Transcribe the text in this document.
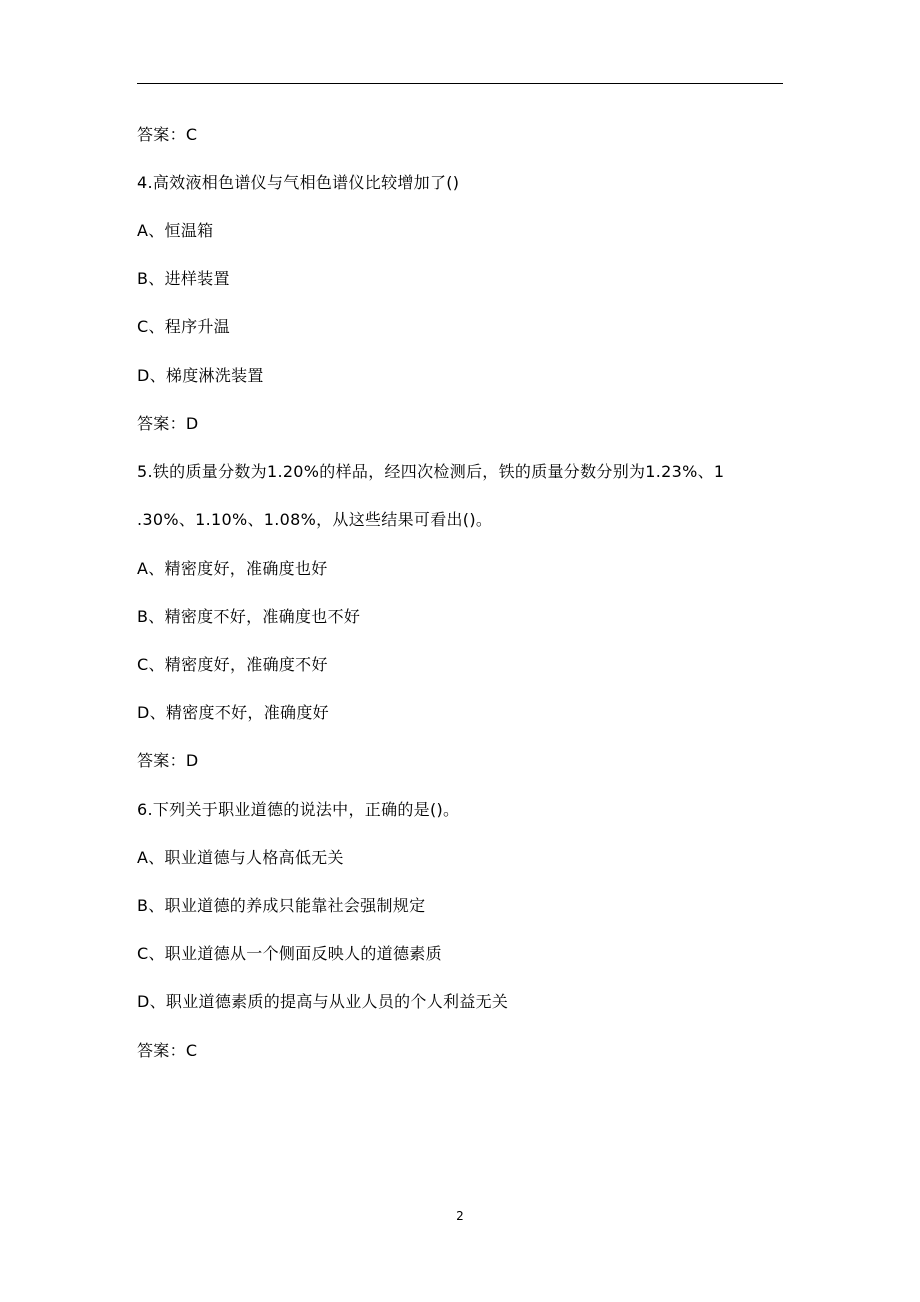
答案：C
4.高效液相色谱仪与气相色谱仪比较增加了()
A、恒温箱
B、进样装置
C、程序升温
D、梯度淋洗装置
答案：D
5.铁的质量分数为1.20%的样品，经四次检测后，铁的质量分数分别为1.23%、1
.30%、1.10%、1.08%，从这些结果可看出()。
A、精密度好，准确度也好
B、精密度不好，准确度也不好
C、精密度好，准确度不好
D、精密度不好，准确度好
答案：D
6.下列关于职业道德的说法中，正确的是()。
A、职业道德与人格高低无关
B、职业道德的养成只能靠社会强制规定
C、职业道德从一个侧面反映人的道德素质
D、职业道德素质的提高与从业人员的个人利益无关
答案：C
2
